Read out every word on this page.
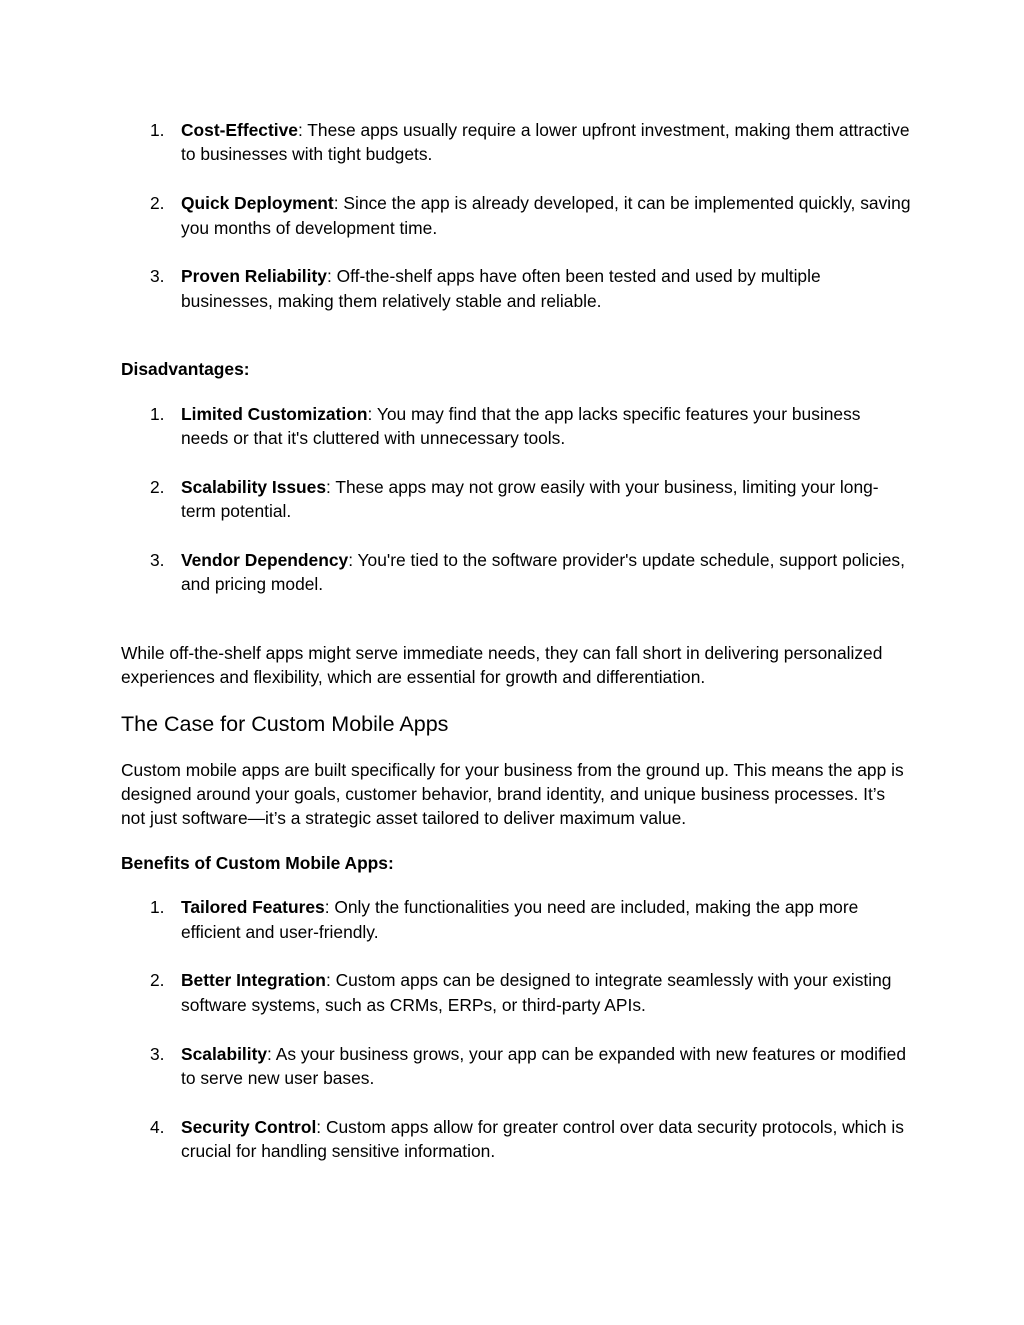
1. Cost-Effective: These apps usually require a lower upfront investment, making them attractive to businesses with tight budgets.
2. Quick Deployment: Since the app is already developed, it can be implemented quickly, saving you months of development time.
3. Proven Reliability: Off-the-shelf apps have often been tested and used by multiple businesses, making them relatively stable and reliable.

Disadvantages:

1. Limited Customization: You may find that the app lacks specific features your business needs or that it's cluttered with unnecessary tools.
2. Scalability Issues: These apps may not grow easily with your business, limiting your long-term potential.
3. Vendor Dependency: You're tied to the software provider's update schedule, support policies, and pricing model.

While off-the-shelf apps might serve immediate needs, they can fall short in delivering personalized experiences and flexibility, which are essential for growth and differentiation.

The Case for Custom Mobile Apps

Custom mobile apps are built specifically for your business from the ground up. This means the app is designed around your goals, customer behavior, brand identity, and unique business processes. It’s not just software—it’s a strategic asset tailored to deliver maximum value.

Benefits of Custom Mobile Apps:

1. Tailored Features: Only the functionalities you need are included, making the app more efficient and user-friendly.
2. Better Integration: Custom apps can be designed to integrate seamlessly with your existing software systems, such as CRMs, ERPs, or third-party APIs.
3. Scalability: As your business grows, your app can be expanded with new features or modified to serve new user bases.
4. Security Control: Custom apps allow for greater control over data security protocols, which is crucial for handling sensitive information.
